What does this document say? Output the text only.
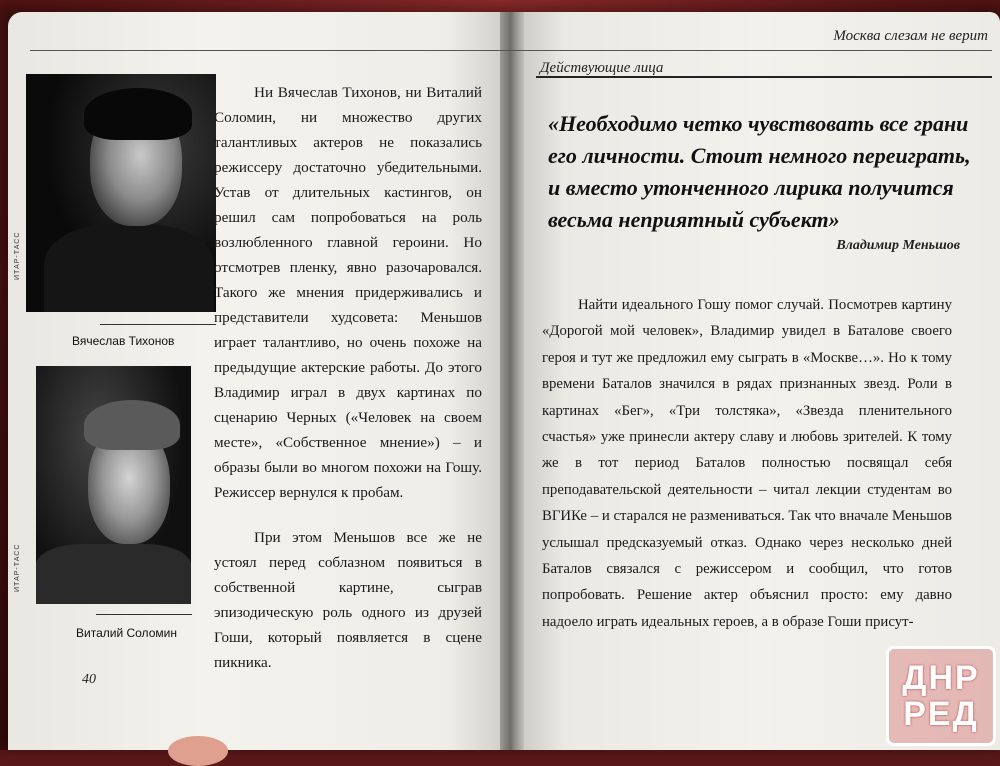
Москва слезам не верит
ИТАР-ТАСС
Вячеслав Тихонов
ИТАР-ТАСС
Виталий Соломин

Ни Вячеслав Тихонов, ни Виталий Соломин, ни множество других талантливых актеров не показались режиссеру достаточно убедительными. Устав от длительных кастингов, он решил сам попробоваться на роль возлюбленного главной героини. Но отсмотрев пленку, явно разочаровался. Такого же мнения придерживались и представители худсовета: Меньшов играет талантливо, но очень похоже на предыдущие актерские работы. До этого Владимир играл в двух картинах по сценарию Черных («Человек на своем месте», «Собственное мнение») – и образы были во многом похожи на Гошу. Режиссер вернулся к пробам.

При этом Меньшов все же не устоял перед соблазном появиться в собственной картине, сыграв эпизодическую роль одного из друзей Гоши, который появляется в сцене пикника.

40
Действующие лица
«Необходимо четко чувствовать все грани его личности. Стоит немного переиграть, и вместо утонченного лирика получится весьма неприятный субъект»
Владимир Меньшов

Найти идеального Гошу помог случай. Посмотрев картину «Дорогой мой человек», Владимир увидел в Баталове своего героя и тут же предложил ему сыграть в «Москве…». Но к тому времени Баталов значился в рядах признанных звезд. Роли в картинах «Бег», «Три толстяка», «Звезда пленительного счастья» уже принесли актеру славу и любовь зрителей. К тому же в тот период Баталов полностью посвящал себя преподавательской деятельности – читал лекции студентам во ВГИКе – и старался не размениваться. Так что вначале Меньшов услышал предсказуемый отказ. Однако через несколько дней Баталов связался с режиссером и сообщил, что готов попробовать. Решение актер объяснил просто: ему давно надоело играть идеальных героев, а в образе Гоши присут-

ДНР
РЕД
